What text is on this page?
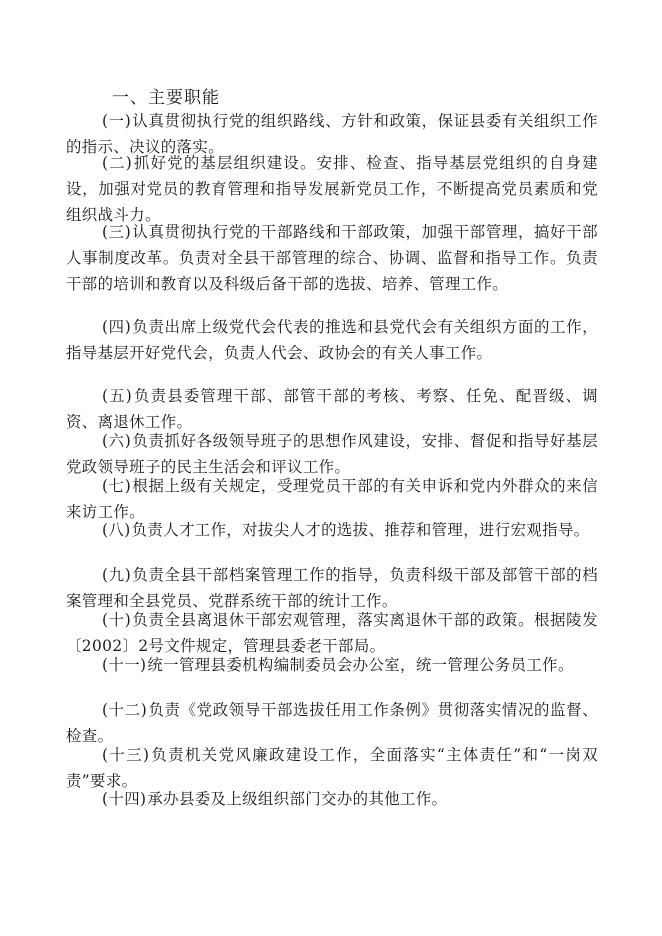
一、主要职能

(一)认真贯彻执行党的组织路线、方针和政策，保证县委有关组织工作的指示、决议的落实。

(二)抓好党的基层组织建设。安排、检查、指导基层党组织的自身建设，加强对党员的教育管理和指导发展新党员工作，不断提高党员素质和党组织战斗力。

(三)认真贯彻执行党的干部路线和干部政策，加强干部管理，搞好干部人事制度改革。负责对全县干部管理的综合、协调、监督和指导工作。负责干部的培训和教育以及科级后备干部的选拔、培养、管理工作。

(四)负责出席上级党代会代表的推选和县党代会有关组织方面的工作，指导基层开好党代会，负责人代会、政协会的有关人事工作。

(五)负责县委管理干部、部管干部的考核、考察、任免、配晋级、调资、离退休工作。

(六)负责抓好各级领导班子的思想作风建设，安排、督促和指导好基层党政领导班子的民主生活会和评议工作。

(七)根据上级有关规定，受理党员干部的有关申诉和党内外群众的来信来访工作。

(八)负责人才工作，对拔尖人才的选拔、推荐和管理，进行宏观指导。

(九)负责全县干部档案管理工作的指导，负责科级干部及部管干部的档案管理和全县党员、党群系统干部的统计工作。

(十)负责全县离退休干部宏观管理，落实离退休干部的政策。根据陵发〔2002〕2号文件规定，管理县委老干部局。

(十一)统一管理县委机构编制委员会办公室，统一管理公务员工作。

(十二)负责《党政领导干部选拔任用工作条例》贯彻落实情况的监督、检查。

(十三)负责机关党风廉政建设工作，全面落实“主体责任”和“一岗双责”要求。

(十四)承办县委及上级组织部门交办的其他工作。
